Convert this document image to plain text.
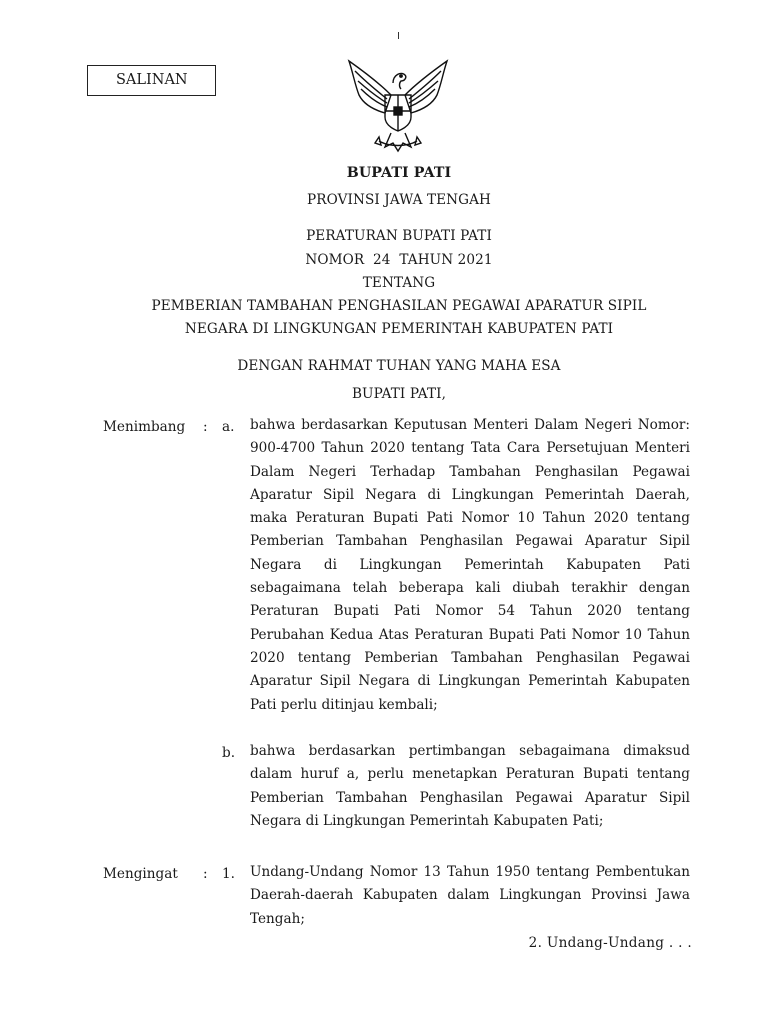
SALINAN
BUPATI PATI
PROVINSI JAWA TENGAH
PERATURAN BUPATI PATI
NOMOR  24  TAHUN 2021
TENTANG
PEMBERIAN TAMBAHAN PENGHASILAN PEGAWAI APARATUR SIPIL
NEGARA DI LINGKUNGAN PEMERINTAH KABUPATEN PATI
DENGAN RAHMAT TUHAN YANG MAHA ESA
BUPATI PATI,
Menimbang : a. bahwa berdasarkan Keputusan Menteri Dalam Negeri Nomor: 900-4700 Tahun 2020 tentang Tata Cara Persetujuan Menteri Dalam Negeri Terhadap Tambahan Penghasilan Pegawai Aparatur Sipil Negara di Lingkungan Pemerintah Daerah, maka Peraturan Bupati Pati Nomor 10 Tahun 2020 tentang Pemberian Tambahan Penghasilan Pegawai Aparatur Sipil Negara di Lingkungan Pemerintah Kabupaten Pati sebagaimana telah beberapa kali diubah terakhir dengan Peraturan Bupati Pati Nomor 54 Tahun 2020 tentang Perubahan Kedua Atas Peraturan Bupati Pati Nomor 10 Tahun 2020 tentang Pemberian Tambahan Penghasilan Pegawai Aparatur Sipil Negara di Lingkungan Pemerintah Kabupaten Pati perlu ditinjau kembali;
b. bahwa berdasarkan pertimbangan sebagaimana dimaksud dalam huruf a, perlu menetapkan Peraturan Bupati tentang Pemberian Tambahan Penghasilan Pegawai Aparatur Sipil Negara di Lingkungan Pemerintah Kabupaten Pati;
Mengingat : 1. Undang-Undang Nomor 13 Tahun 1950 tentang Pembentukan Daerah-daerah Kabupaten dalam Lingkungan Provinsi Jawa Tengah;
2. Undang-Undang . . .
